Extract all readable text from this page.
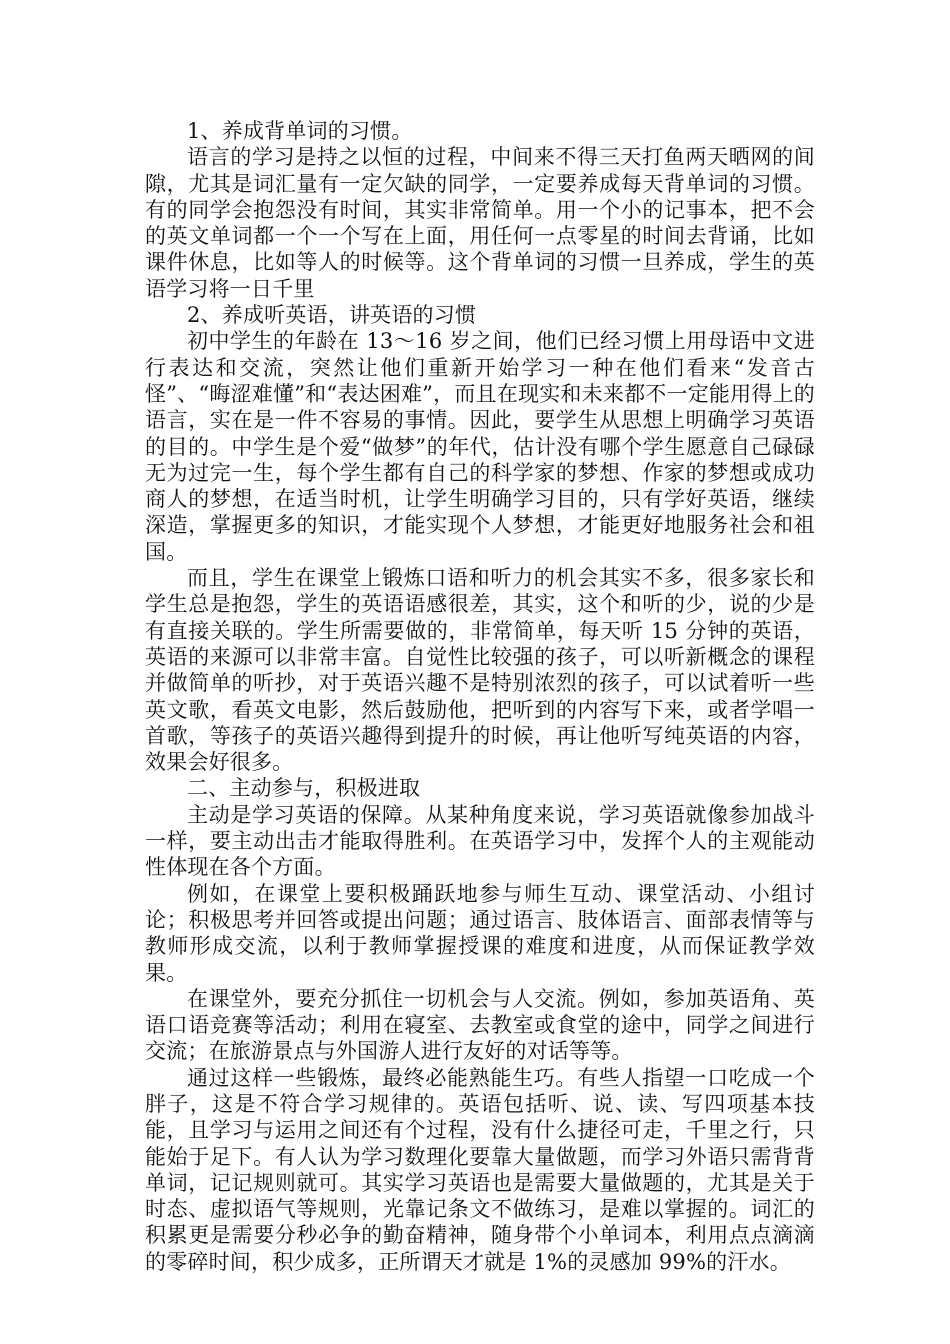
1、养成背单词的习惯。

语言的学习是持之以恒的过程，中间来不得三天打鱼两天晒网的间隙，尤其是词汇量有一定欠缺的同学，一定要养成每天背单词的习惯。有的同学会抱怨没有时间，其实非常简单。用一个小的记事本，把不会的英文单词都一个一个写在上面，用任何一点零星的时间去背诵，比如课件休息，比如等人的时候等。这个背单词的习惯一旦养成，学生的英语学习将一日千里

2、养成听英语，讲英语的习惯

初中学生的年龄在 13～16 岁之间，他们已经习惯上用母语中文进行表达和交流，突然让他们重新开始学习一种在他们看来“发音古怪”、“晦涩难懂”和“表达困难”，而且在现实和未来都不一定能用得上的语言，实在是一件不容易的事情。因此，要学生从思想上明确学习英语的目的。中学生是个爱“做梦”的年代，估计没有哪个学生愿意自己碌碌无为过完一生，每个学生都有自己的科学家的梦想、作家的梦想或成功商人的梦想，在适当时机，让学生明确学习目的，只有学好英语，继续深造，掌握更多的知识，才能实现个人梦想，才能更好地服务社会和祖国。

而且，学生在课堂上锻炼口语和听力的机会其实不多，很多家长和学生总是抱怨，学生的英语语感很差，其实，这个和听的少，说的少是有直接关联的。学生所需要做的，非常简单，每天听 15 分钟的英语，英语的来源可以非常丰富。自觉性比较强的孩子，可以听新概念的课程并做简单的听抄，对于英语兴趣不是特别浓烈的孩子，可以试着听一些英文歌，看英文电影，然后鼓励他，把听到的内容写下来，或者学唱一首歌，等孩子的英语兴趣得到提升的时候，再让他听写纯英语的内容，效果会好很多。

二、主动参与，积极进取

主动是学习英语的保障。从某种角度来说，学习英语就像参加战斗一样，要主动出击才能取得胜利。在英语学习中，发挥个人的主观能动性体现在各个方面。

例如，在课堂上要积极踊跃地参与师生互动、课堂活动、小组讨论；积极思考并回答或提出问题；通过语言、肢体语言、面部表情等与教师形成交流，以利于教师掌握授课的难度和进度，从而保证教学效果。

在课堂外，要充分抓住一切机会与人交流。例如，参加英语角、英语口语竞赛等活动；利用在寝室、去教室或食堂的途中，同学之间进行交流；在旅游景点与外国游人进行友好的对话等等。

通过这样一些锻炼，最终必能熟能生巧。有些人指望一口吃成一个胖子，这是不符合学习规律的。英语包括听、说、读、写四项基本技能，且学习与运用之间还有个过程，没有什么捷径可走，千里之行，只能始于足下。有人认为学习数理化要靠大量做题，而学习外语只需背背单词，记记规则就可。其实学习英语也是需要大量做题的，尤其是关于时态、虚拟语气等规则，光靠记条文不做练习，是难以掌握的。词汇的积累更是需要分秒必争的勤奋精神，随身带个小单词本，利用点点滴滴的零碎时间，积少成多，正所谓天才就是 1%的灵感加 99%的汗水。
